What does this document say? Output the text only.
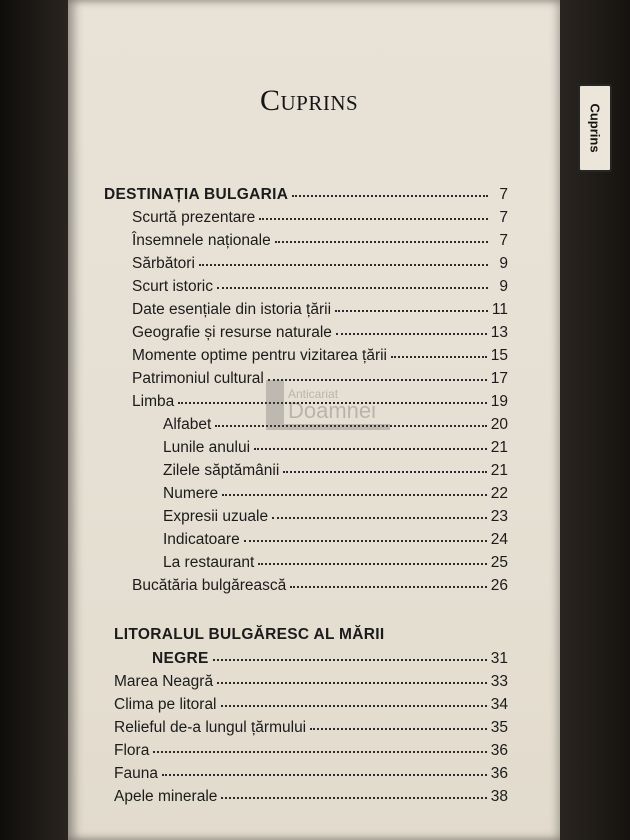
Cuprins
Cuprins
DESTINAȚIA BULGARIA	7
Scurtă prezentare	7
Însemnele naționale	7
Sărbători	9
Scurt istoric	9
Date esențiale din istoria țării	11
Geografie și resurse naturale	13
Momente optime pentru vizitarea țării	15
Patrimoniul cultural	17
Limba	19
Alfabet	20
Lunile anului	21
Zilele săptămânii	21
Numere	22
Expresii uzuale	23
Indicatoare	24
La restaurant	25
Bucătăria bulgărească	26
LITORALUL BULGĂRESC AL MĂRII
NEGRE	31
Marea Neagră	33
Clima pe litoral	34
Relieful de-a lungul țărmului	35
Flora	36
Fauna	36
Apele minerale	38
Anticariat
Doamnei
